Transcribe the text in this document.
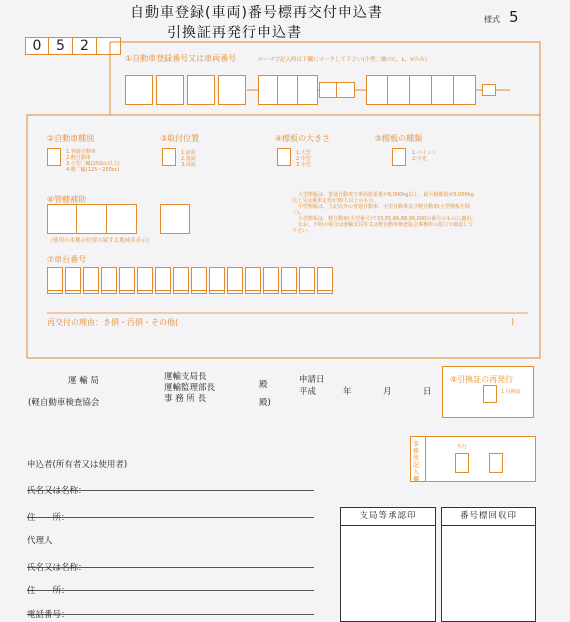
自動車登録(車両)番号標再交付申込書
引換証再発行申込書
様式 5
0	5	2
①自動車登録番号又は車両番号	ローマ字記入時は下欄にマークして下さい(小型二輪のC、L、Vのみ)
②自動車種別
1.登録自動車
2.軽自動車
3.小型二輪(250cc以上)
4.軽二輪(125〜250cc)
③取付位置
1.前面
2.後面
3.両面
④標板の大きさ
1.大型
2.中型
3.小型
⑤標板の種類
1.ペイント
2.字光
⑥管轄補助
(使用の本拠の位置の属する地域名表示)

大型標板は、普通自動車で車両総重量が8,000kg以上、最大積載量が5,000kg以上又は乗車定員が30人以上のもの。

中型標板は、上記以外の普通自動車、小型自動車及び軽自動車(小型標板を除く)。

小型標板は、軽自動車(小型番号)で33,55,66,88,99,000の番号のものに適用。

なお、不明の場合は運輸支局等又は軽自動車検査協会事務所の窓口で確認して下さい。

⑦車台番号
再交付の理由：き損・汚損・その他(	)
運 輸 局
(軽自動車検査協会
運輸支局長
運輸監理部長
事 務 所 長
殿
殿)
申請日
平成	年	月	日
⑨引換証の再発行
1.引換証
事務所記入欄
代行
申込者(所有者又は使用者)
氏名又は名称：
住　　所：
代理人
氏名又は名称：
住　　所：
電話番号：
支局等承認印	番号標回収印
